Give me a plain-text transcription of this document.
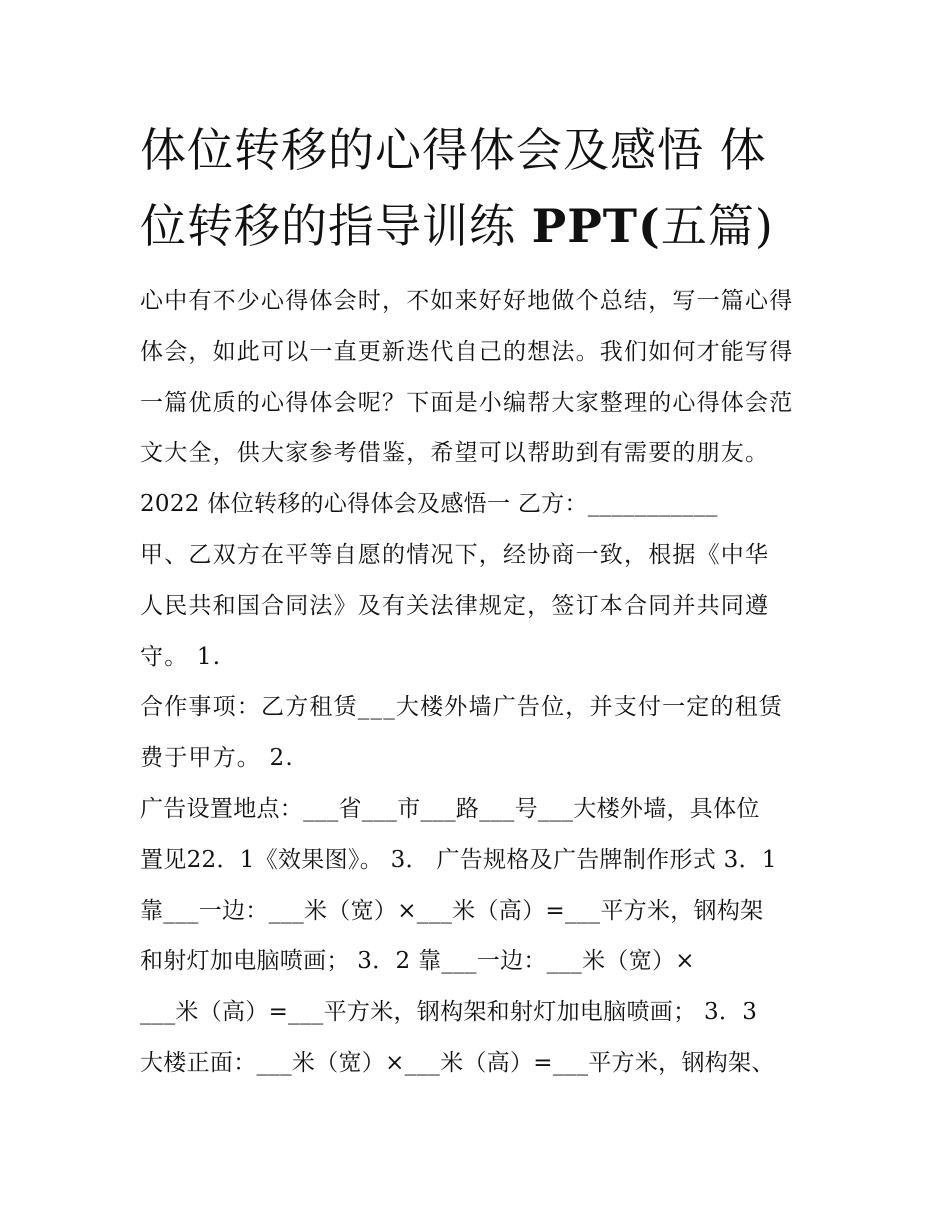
体位转移的心得体会及感悟 体
位转移的指导训练 PPT(五篇)
心中有不少心得体会时，不如来好好地做个总结，写一篇心得
体会，如此可以一直更新迭代自己的想法。我们如何才能写得
一篇优质的心得体会呢？下面是小编帮大家整理的心得体会范
文大全，供大家参考借鉴，希望可以帮助到有需要的朋友。
2022 体位转移的心得体会及感悟一 乙方：___________
甲、乙双方在平等自愿的情况下，经协商一致，根据《中华
人民共和国合同法》及有关法律规定，签订本合同并共同遵
守。 1.
合作事项：乙方租赁___大楼外墙广告位，并支付一定的租赁
费于甲方。 2.
广告设置地点：___省___市___路___号___大楼外墙，具体位
置见22．1《效果图》。 3． 广告规格及广告牌制作形式 3．1
靠___一边：___米（宽）×___米（高）=___平方米，钢构架
和射灯加电脑喷画； 3．2 靠___一边：___米（宽）×
___米（高）=___平方米，钢构架和射灯加电脑喷画； 3．3
大楼正面：___米（宽）×___米（高）=___平方米，钢构架、
